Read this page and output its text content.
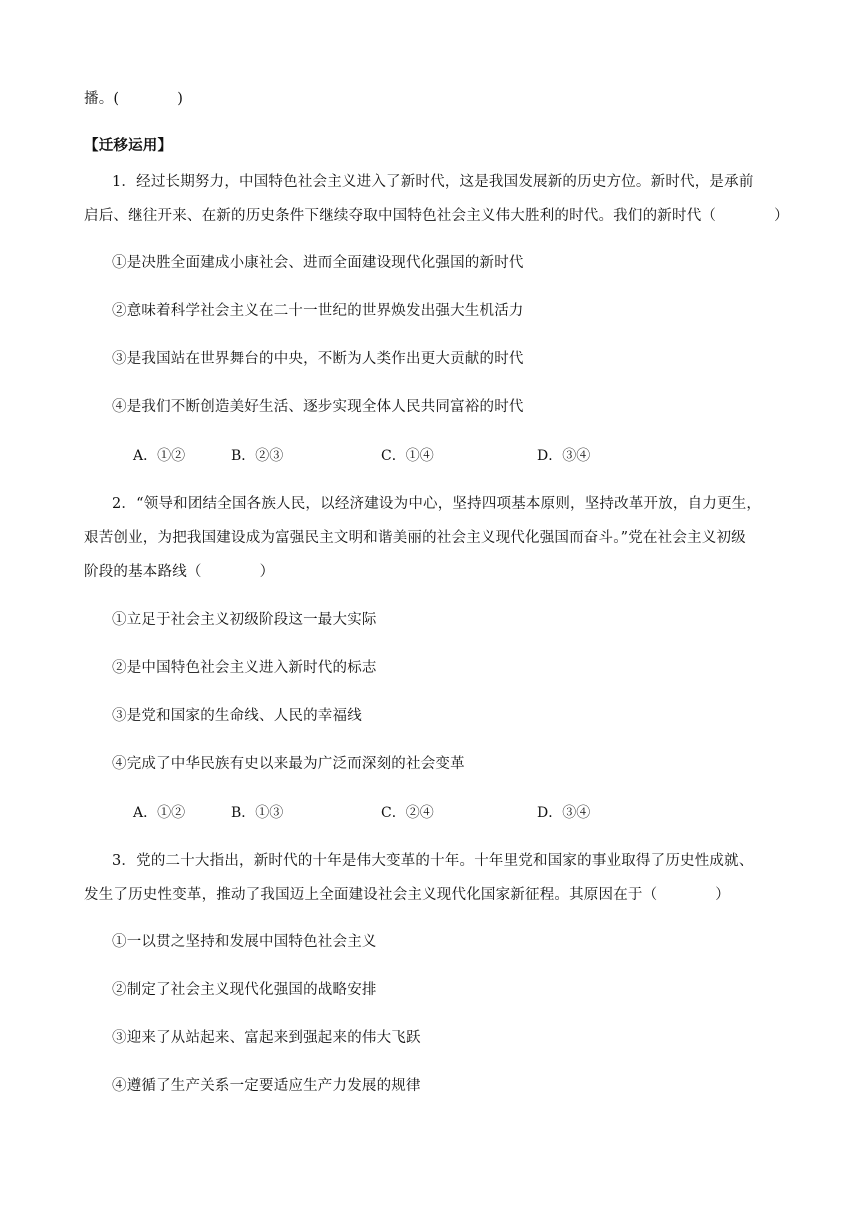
播。(	)
【迁移运用】
1．经过长期努力，中国特色社会主义进入了新时代，这是我国发展新的历史方位。新时代，是承前
启后、继往开来、在新的历史条件下继续夺取中国特色社会主义伟大胜利的时代。我们的新时代（	）
①是决胜全面建成小康社会、进而全面建设现代化强国的新时代
②意味着科学社会主义在二十一世纪的世界焕发出强大生机活力
③是我国站在世界舞台的中央，不断为人类作出更大贡献的时代
④是我们不断创造美好生活、逐步实现全体人民共同富裕的时代
A．①②	B．②③	C．①④	D．③④
2．“领导和团结全国各族人民，以经济建设为中心，坚持四项基本原则，坚持改革开放，自力更生，
艰苦创业，为把我国建设成为富强民主文明和谐美丽的社会主义现代化强国而奋斗。”党在社会主义初级
阶段的基本路线（	）
①立足于社会主义初级阶段这一最大实际
②是中国特色社会主义进入新时代的标志
③是党和国家的生命线、人民的幸福线
④完成了中华民族有史以来最为广泛而深刻的社会变革
A．①②	B．①③	C．②④	D．③④
3．党的二十大指出，新时代的十年是伟大变革的十年。十年里党和国家的事业取得了历史性成就、
发生了历史性变革，推动了我国迈上全面建设社会主义现代化国家新征程。其原因在于（	）
①一以贯之坚持和发展中国特色社会主义
②制定了社会主义现代化强国的战略安排
③迎来了从站起来、富起来到强起来的伟大飞跃
④遵循了生产关系一定要适应生产力发展的规律
